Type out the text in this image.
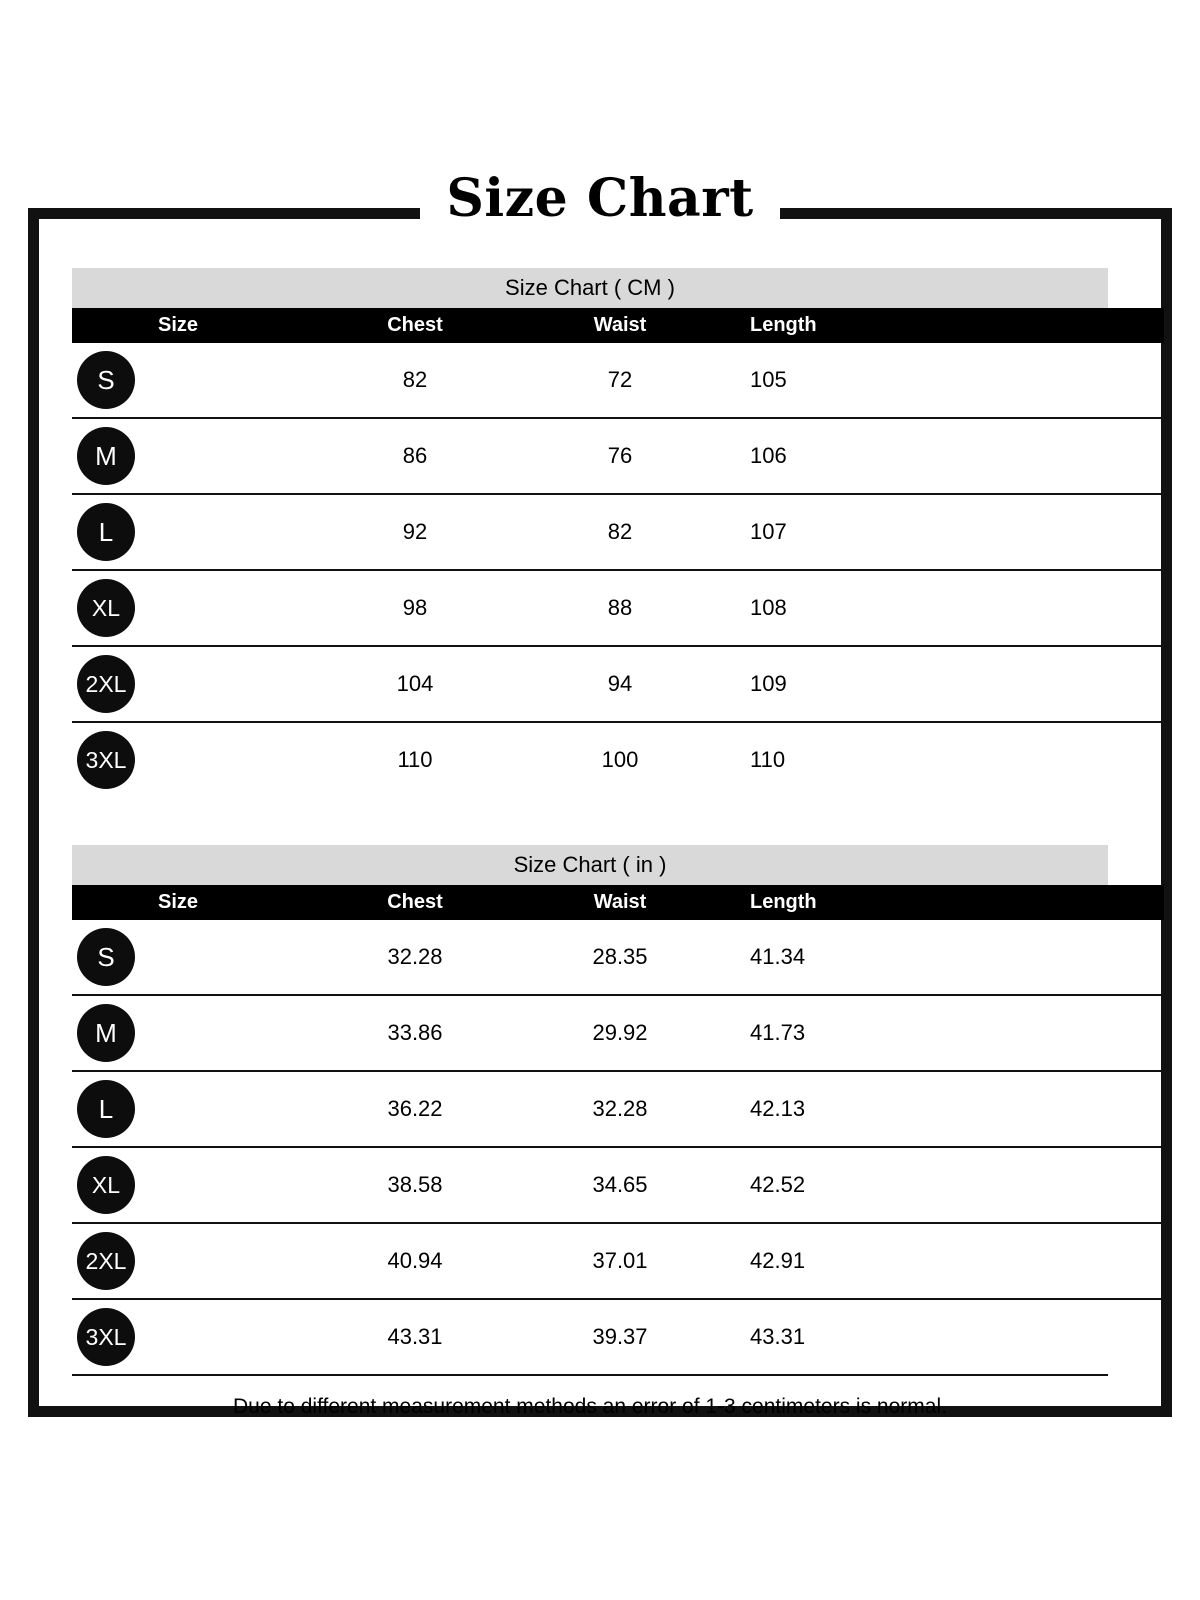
Size Chart
Size Chart ( CM )
Size	Chest	Waist	Length
S	82	72	105
M	86	76	106
L	92	82	107
XL	98	88	108
2XL	104	94	109
3XL	110	100	110
Size Chart ( in )
Size	Chest	Waist	Length
S	32.28	28.35	41.34
M	33.86	29.92	41.73
L	36.22	32.28	42.13
XL	38.58	34.65	42.52
2XL	40.94	37.01	42.91
3XL	43.31	39.37	43.31
Due to different measurement methods an error of 1-3 centimeters is normal.
